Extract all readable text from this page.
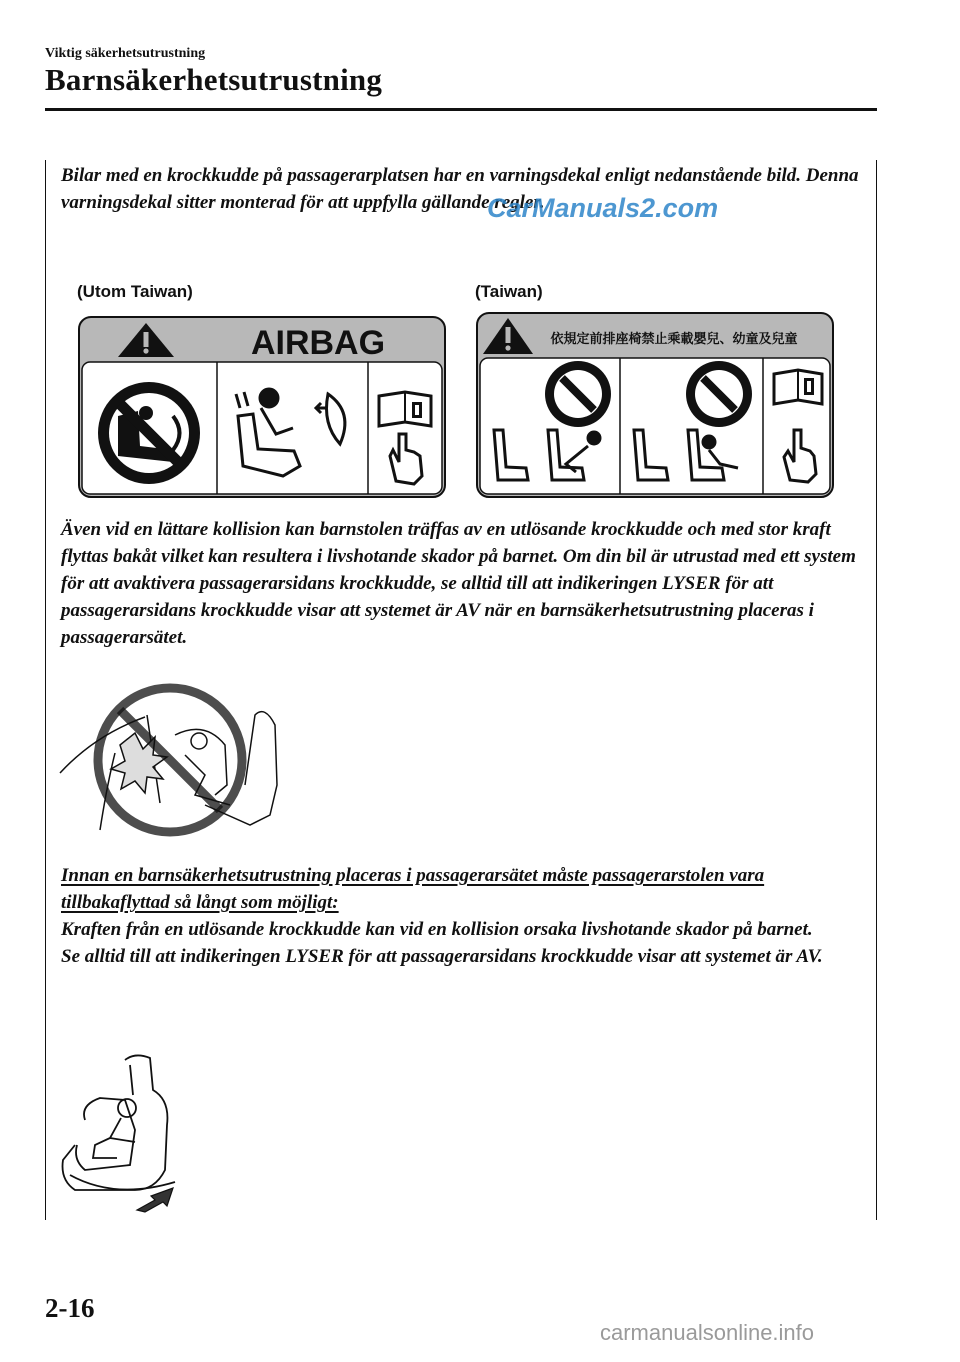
Viktig säkerhetsutrustning
Barnsäkerhetsutrustning

Bilar med en krockkudde på passagerarplatsen har en varningsdekal enligt nedanstående bild. Denna varningsdekal sitter monterad för att uppfylla gällande regler.

CarManuals2.com
(Utom Taiwan)	(Taiwan)
AIRBAG	依規定前排座椅禁止乘載嬰兒、幼童及兒童

Även vid en lättare kollision kan barnstolen träffas av en utlösande krockkudde och med stor kraft flyttas bakåt vilket kan resultera i livshotande skador på barnet. Om din bil är utrustad med ett system för att avaktivera passagerarsidans krockkudde, se alltid till att indikeringen LYSER för att passagerarsidans krockkudde visar att systemet är AV när en barnsäkerhetsutrustning placeras i passagerarsätet.

Innan en barnsäkerhetsutrustning placeras i passagerarsätet måste passagerarstolen vara tillbakaflyttad så långt som möjligt:
Kraften från en utlösande krockkudde kan vid en kollision orsaka livshotande skador på barnet.
Se alltid till att indikeringen LYSER för att passagerarsidans krockkudde visar att systemet är AV.
2-16
carmanualsonline.info
